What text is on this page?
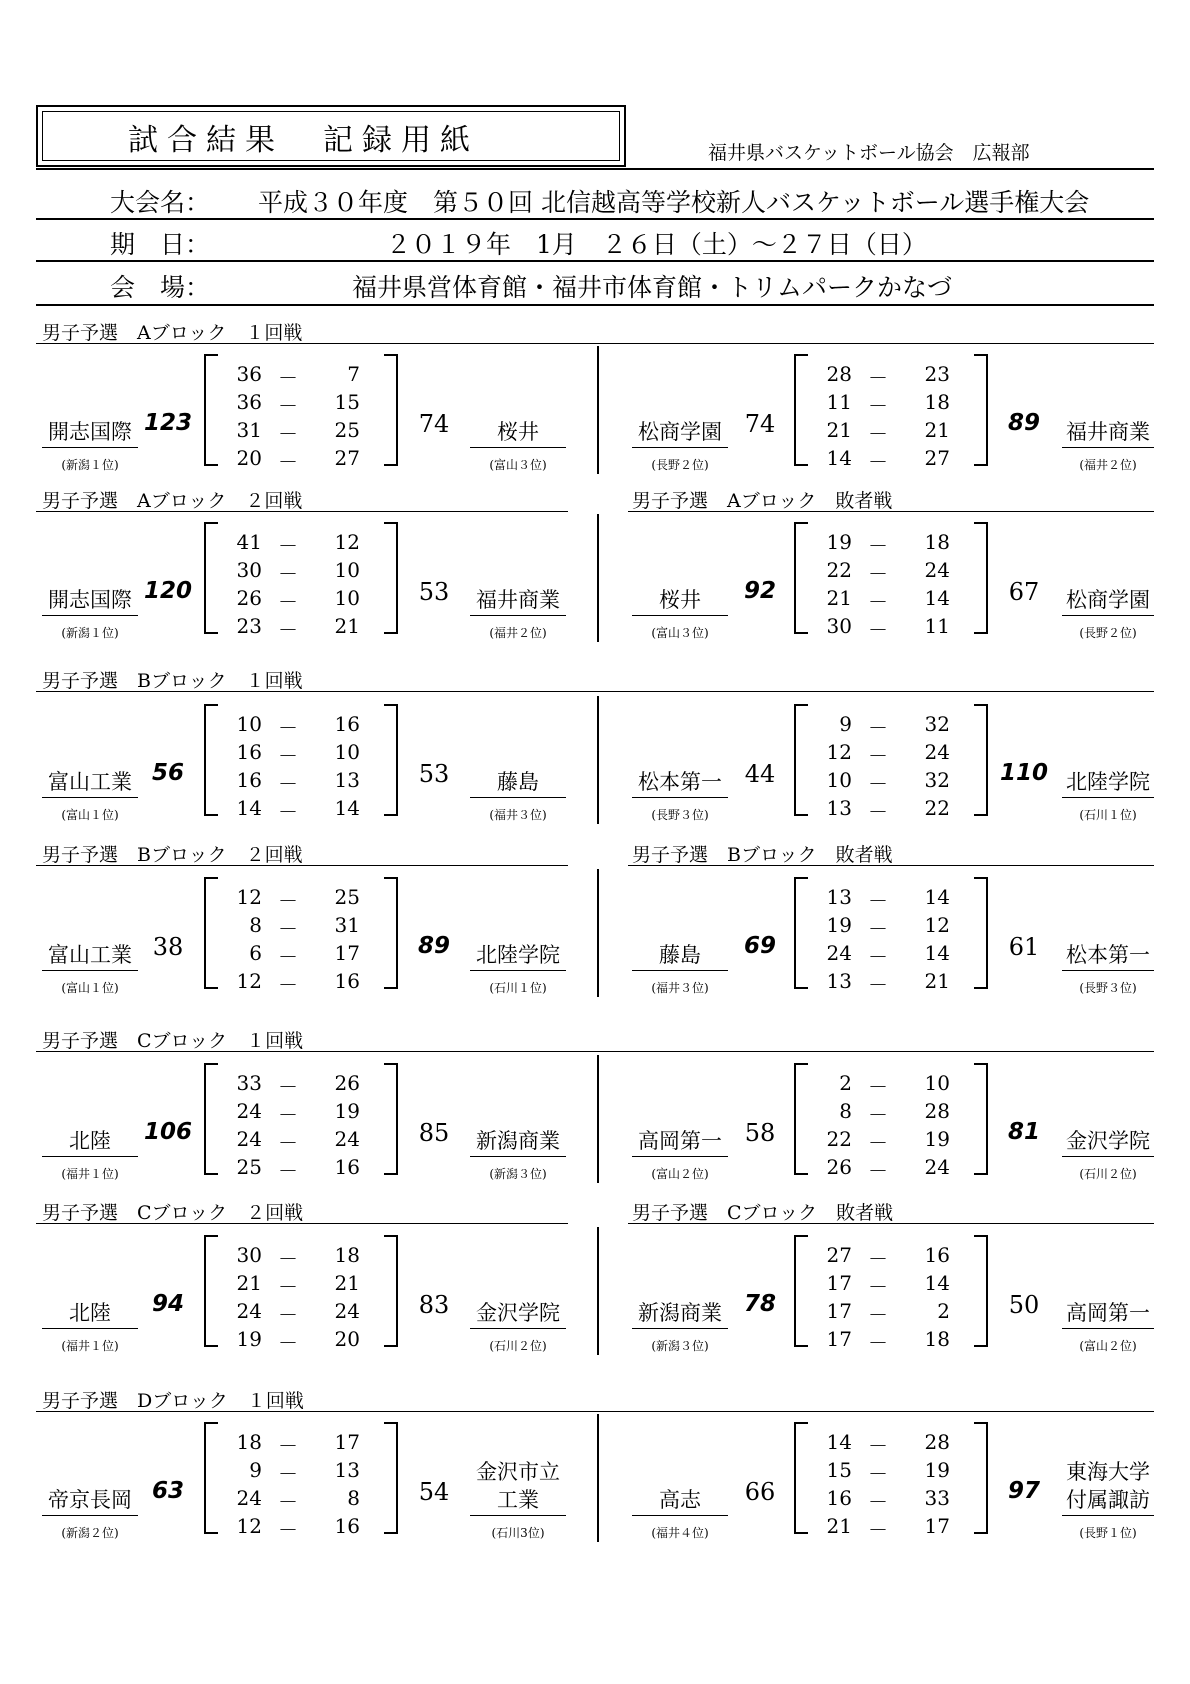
試合結果　記録用紙	福井県バスケットボール協会　広報部
大会名： 平成３０年度　第５０回 北信越高等学校新人バスケットボール選手権大会
期　日：	２０１９年　1月　２６日（土）～２７日（日）
会　場：	福井県営体育館・福井市体育館・トリムパークかなづ
男子予選　Aブロック　１回戦
男子予選　Aブロック　２回戦	男子予選　Aブロック　敗者戦
男子予選　Bブロック　１回戦
男子予選　Bブロック　２回戦	男子予選　Bブロック　敗者戦
男子予選　Cブロック　１回戦
男子予選　Cブロック　２回戦	男子予選　Cブロック　敗者戦
男子予選　Dブロック　１回戦
36 －	7
36 －	15
31 －	25
20 －	27
開志国際
(新潟１位)
123	74	桜井
(富山３位)
28 －	23
11 －	18
21 －	21
14 －	27
松商学園
(長野２位)
74	89	福井商業
(福井２位)
41 －	12
30 －	10
26 －	10
23 －	21
開志国際
(新潟１位)
120	53	福井商業
(福井２位)
19 －	18
22 －	24
21 －	14
30 －	11
桜井
(富山３位)
92	67	松商学園
(長野２位)
10 －	16
16 －	10
16 －	13
14 －	14
富山工業
(富山１位)
56	53	藤島
(福井３位)
9 －	32
12 －	24
10 －	32
13 －	22
松本第一
(長野３位)
44	110 北陸学院
(石川１位)
12 －	25
8 －	31
6 －	17
12 －	16
富山工業
(富山１位)
38	89	北陸学院
(石川１位)
13 －	14
19 －	12
24 －	14
13 －	21
藤島
(福井３位)
69	61	松本第一
(長野３位)
33 －	26
24 －	19
24 －	24
25 －	16
北陸
(福井１位)
106	85	新潟商業
(新潟３位)
2 －	10
8 －	28
22 －	19
26 －	24
高岡第一
(富山２位)
58	81	金沢学院
(石川２位)
30 －	18
21 －	21
24 －	24
19 －	20
北陸
(福井１位)
94	83	金沢学院
(石川２位)
27 －	16
17 －	14
17 －	2
17 －	18
新潟商業
(新潟３位)
78	50	高岡第一
(富山２位)
18 －	17
9 －	13
24 －	8
12 －	16
帝京長岡
(新潟２位)
63	54
金沢市立
工業
(石川3位)
14 －	28
15 －	19
16 －	33
21 －	17
高志
(福井４位)
66	97
東海大学
付属諏訪
(長野１位)
